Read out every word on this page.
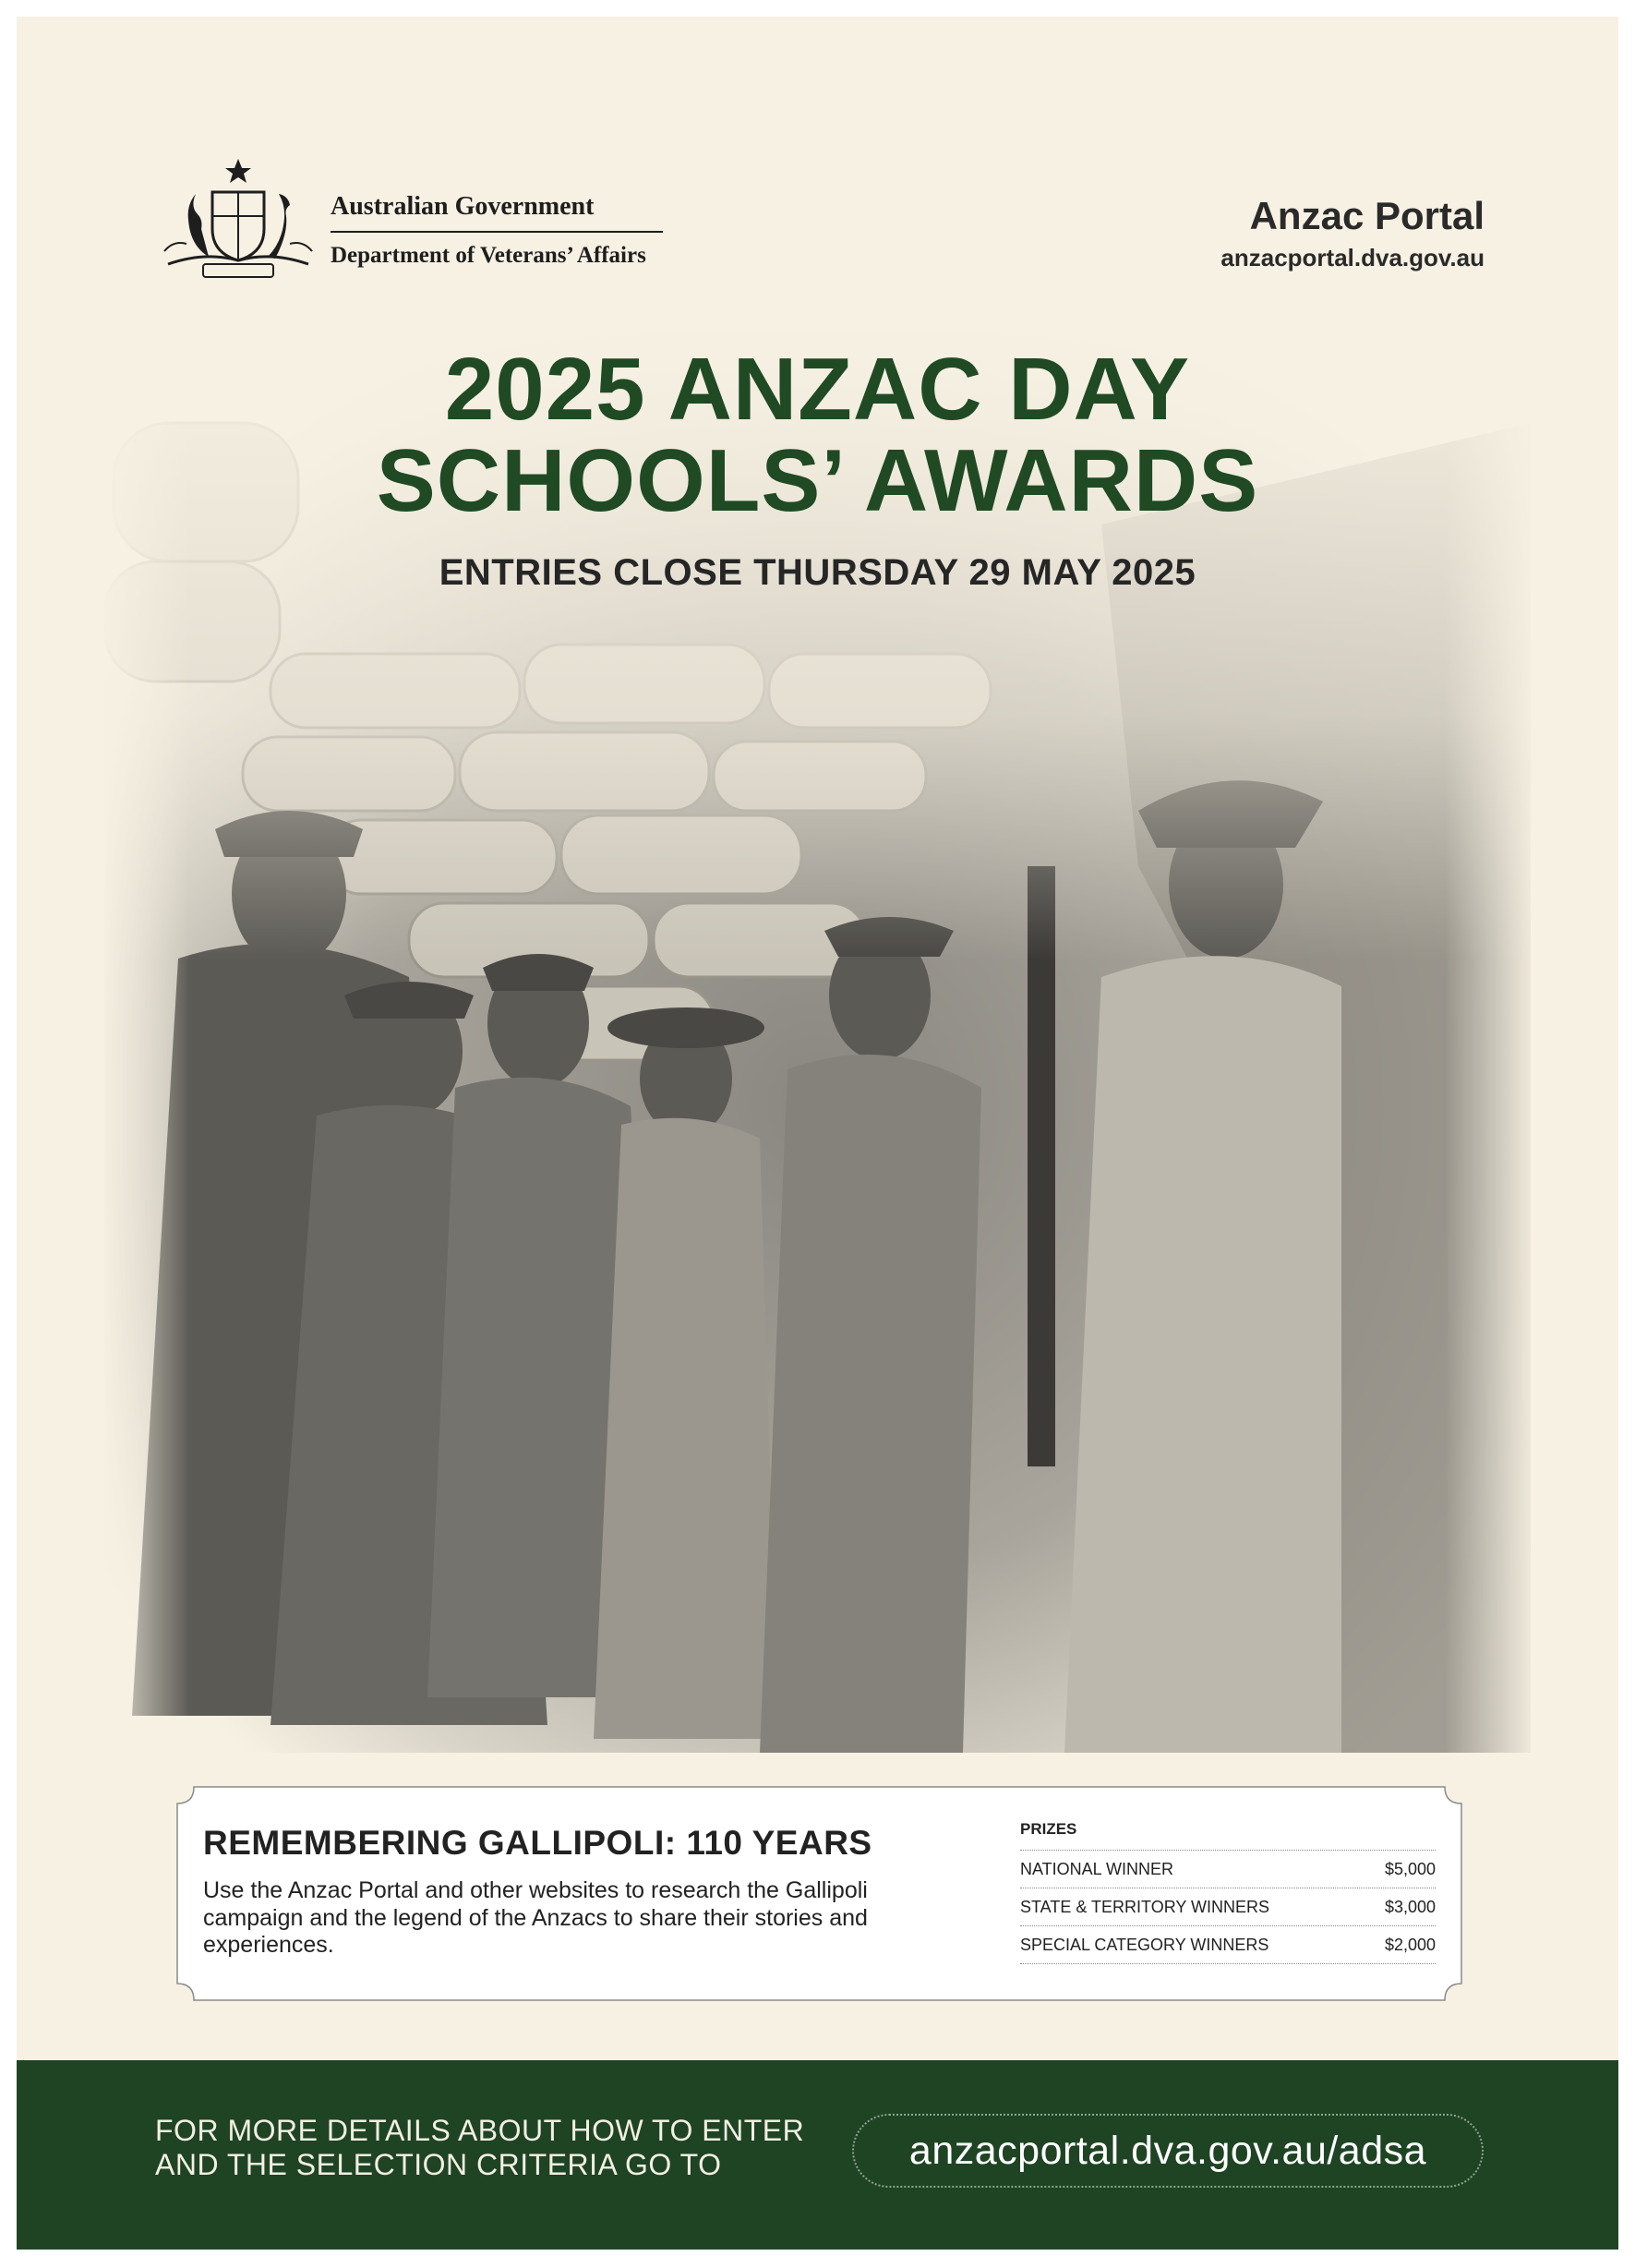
Australian Government
Department of Veterans’ Affairs
Anzac Portal
anzacportal.dva.gov.au
2025 ANZAC DAY
SCHOOLS’ AWARDS
ENTRIES CLOSE THURSDAY 29 MAY 2025
REMEMBERING GALLIPOLI: 110 YEARS
Use the Anzac Portal and other websites to research the Gallipoli campaign and the legend of the Anzacs to share their stories and experiences.
PRIZES
NATIONAL WINNER	$5,000
STATE & TERRITORY WINNERS	$3,000
SPECIAL CATEGORY WINNERS	$2,000
FOR MORE DETAILS ABOUT HOW TO ENTER
AND THE SELECTION CRITERIA GO TO	anzacportal.dva.gov.au/adsa
